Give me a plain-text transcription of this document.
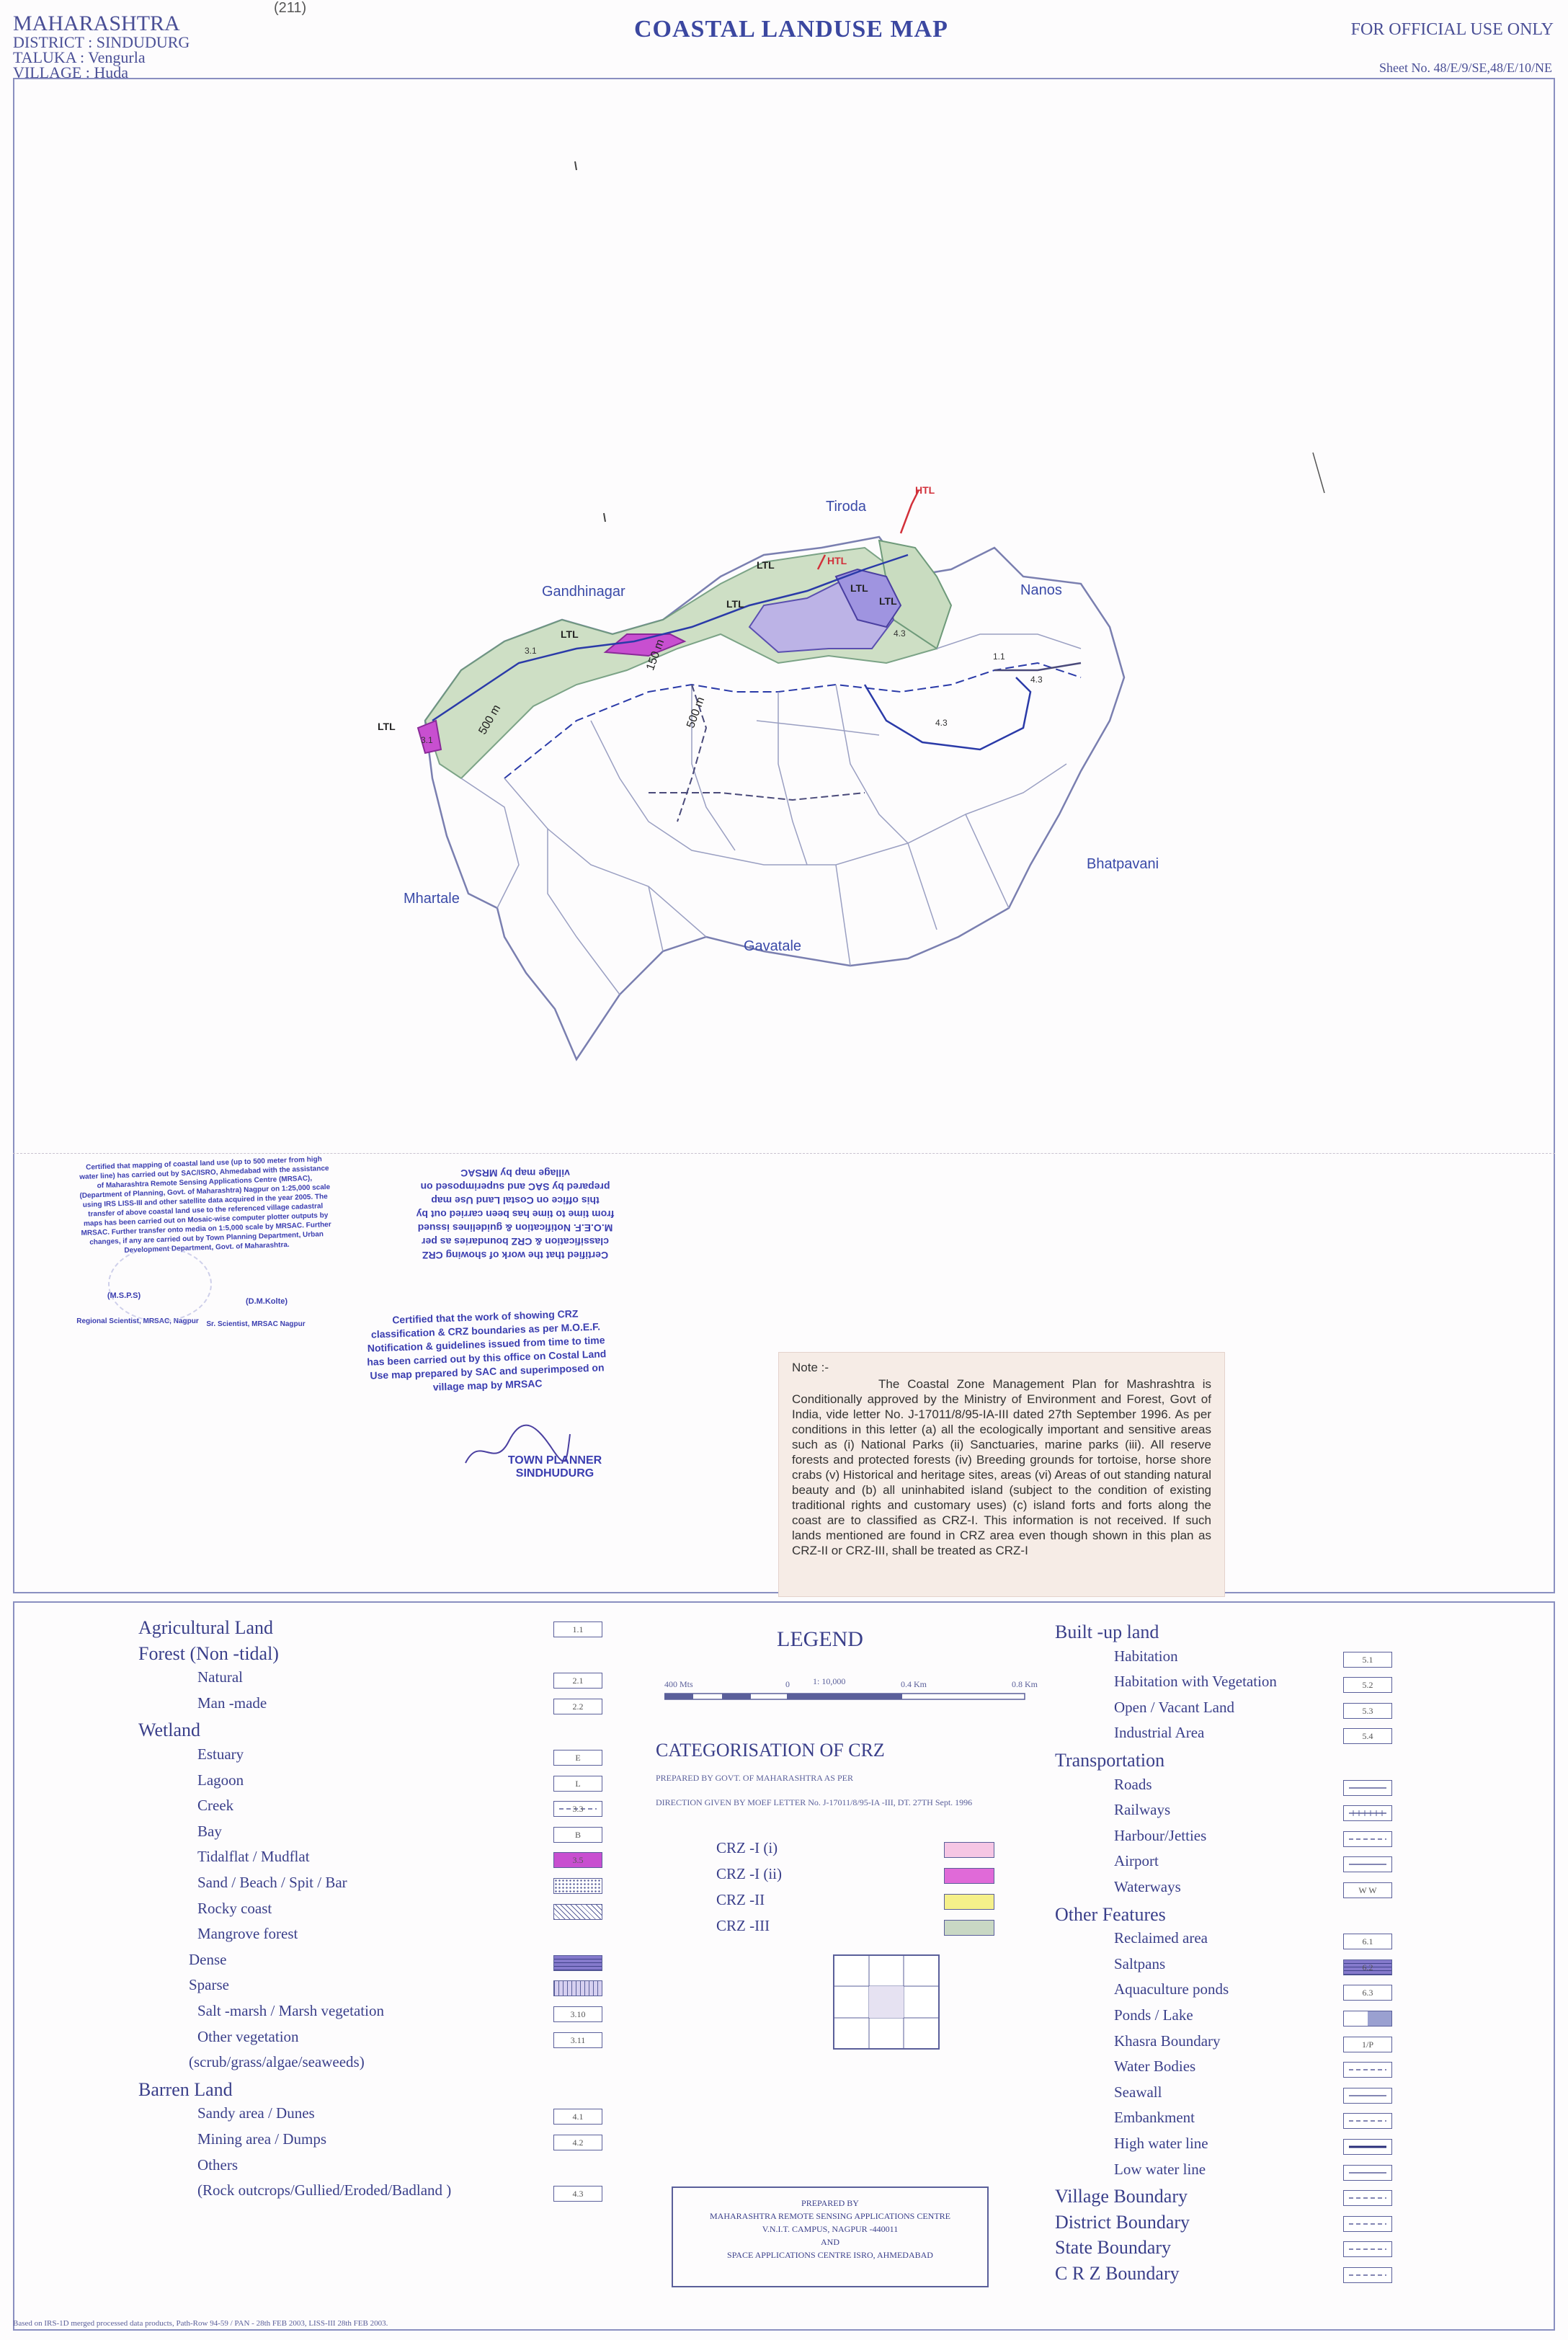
MAHARASHTRA
DISTRICT : SINDUDURG
TALUKA : Vengurla
VILLAGE : Huda
(211)
COASTAL LANDUSE MAP	FOR OFFICIAL USE ONLY
Sheet No. 48/E/9/SE,48/E/10/NE
Tiroda
Nanos
Gandhinagar
Bhatpavani
Mhartale
Gavatale
HTL
HTL
LTL
LTL
LTL
LTL
LTL
LTL
500 m
150 m
500 m
1.1
4.3
4.3
4.3
3.1
3.1
Certified that mapping of coastal land use (up to 500 meter from high water line) has carried out by SAC/ISRO, Ahmedabad with the assistance of Maharashtra Remote Sensing Applications Centre (MRSAC), (Department of Planning, Govt. of Maharashtra) Nagpur on 1:25,000 scale using IRS LISS-III and other satellite data acquired in the year 2005. The transfer of above coastal land use to the referenced village cadastral maps has been carried out on Mosaic-wise computer plotter outputs by MRSAC. Further transfer onto media on 1:5,000 scale by MRSAC. Further changes, if any are carried out by Town Planning Department, Urban Development Department, Govt. of Maharashtra.
(M.S.P.S)
(D.M.Kolte)
Regional Scientist, MRSAC, Nagpur	Sr. Scientist, MRSAC Nagpur
Certified that the work of showing CRZ classification & CRZ boundaries as per M.O.E.F. Notification & guidelines issued from time to time has been carried out by this office on Costal Land Use map prepared by SAC and superimposed on village map by MRSAC
Certified that the work of showing CRZ classification & CRZ boundaries as per M.O.E.F. Notification & guidelines issued from time to time has been carried out by this office on Costal Land Use map prepared by SAC and superimposed on village map by MRSAC
TOWN PLANNER
SINDHUDURG
Note :-
The Coastal Zone Management Plan for Mashrashtra is Conditionally approved by the Ministry of Environment and Forest, Govt of India, vide letter No. J-17011/8/95-IA-III dated 27th September 1996. As per conditions in this letter (a) all the ecologically important and sensitive areas such as (i) National Parks (ii) Sanctuaries, marine parks (iii). All reserve forests and protected forests (iv) Breeding grounds for tortoise, horse shore crabs (v) Historical and heritage sites, areas (vi) Areas of out standing natural beauty and (b) all uninhabited island (subject to the condition of existing traditional rights and customary uses) (c) island forts and forts along the coast are to classified as CRZ-I. This information is not received. If such lands mentioned are found in CRZ area even though shown in this plan as CRZ-II or CRZ-III, shall be treated as CRZ-I
Agricultural Land	1.1
Forest (Non -tidal)
Natural	2.1
Man -made	2.2
Wetland
Estuary	E
Lagoon	L
Creek	3.3
Bay	B
Tidalflat / Mudflat	3.5
Sand / Beach / Spit / Bar
Rocky coast
Mangrove forest
Dense
Sparse
Salt -marsh / Marsh vegetation	3.10
Other vegetation	3.11
(scrub/grass/algae/seaweeds)
Barren Land
Sandy area / Dunes	4.1
Mining area / Dumps	4.2
Others
(Rock outcrops/Gullied/Eroded/Badland )	4.3
Built -up land
Habitation	5.1
Habitation with Vegetation	5.2
Open / Vacant Land	5.3
Industrial Area	5.4
Transportation
Roads
Railways
Harbour/Jetties
Airport
Waterways	W W
Other Features
Reclaimed area	6.1
Saltpans	6.2
Aquaculture ponds	6.3
Ponds / Lake
Khasra Boundary	1/P
Water Bodies
Seawall
Embankment
High water line
Low water line
Village Boundary
District Boundary
State Boundary
C R Z Boundary
LEGEND
400 Mts	0	1: 10,000	0.4 Km	0.8 Km
CATEGORISATION OF CRZ
PREPARED BY GOVT. OF MAHARASHTRA AS PER
DIRECTION GIVEN BY MOEF LETTER No. J-17011/8/95-IA -III, DT. 27TH Sept. 1996
CRZ -I (i)
CRZ -I (ii)
CRZ -II
CRZ -III
PREPARED BY
MAHARASHTRA REMOTE SENSING APPLICATIONS CENTRE
V.N.I.T. CAMPUS, NAGPUR -440011
AND
SPACE APPLICATIONS CENTRE ISRO, AHMEDABAD
Based on IRS-1D merged processed data products, Path-Row 94-59 / PAN - 28th FEB 2003, LISS-III 28th FEB 2003.
